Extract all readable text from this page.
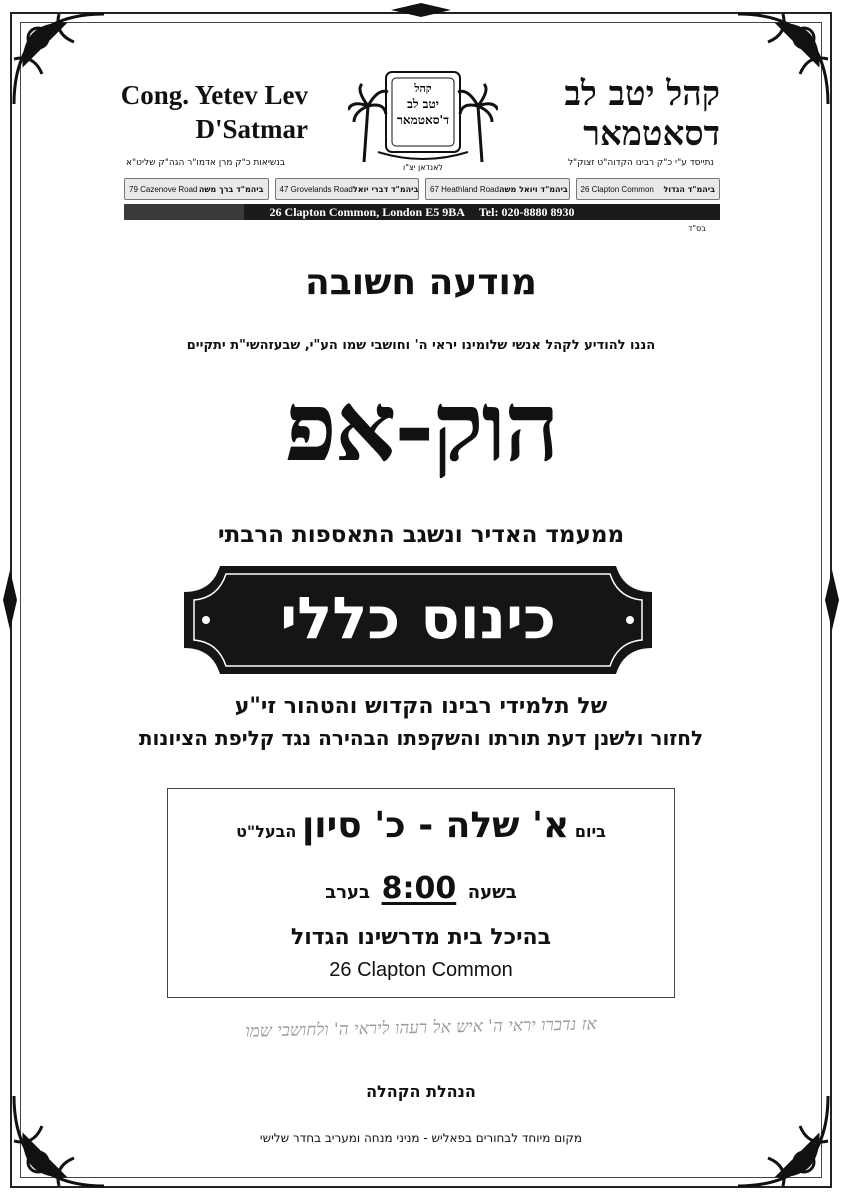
Cong. Yetev Lev
D'Satmar
קהל
יטב לב
ד'סאטמאר
לאנדאן יצ"ו
קהל יטב לב
דסאטמאר
בנשיאות כ"ק מרן אדמו"ר הגה"ק שליט"א	נתייסד ע"י כ"ק רבינו הקדוה"ט זצוק"ל
26 Clapton Common ביהמ"ד הגדול
67 Heathland Road ביהמ"ד ויואל משה
47 Grovelands Road ביהמ"ד דברי יואל
79 Cazenove Road ביהמ"ד ברך משה
26 Clapton Common, London E5 9BA Tel: 020-8880 8930
בס"ד
מודעה חשובה
הננו להודיע לקהל אנשי שלומינו יראי ה' וחושבי שמו הע"י, שבעזהשי"ת יתקיים
הוק-אפ
ממעמד האדיר ונשגב התאספות הרבתי
כינוס כללי
של תלמידי רבינו הקדוש והטהור זי"ע
לחזור ולשנן דעת תורתו והשקפתו הבהירה נגד קליפת הציונות
ביום א' שלה - כ' סיון הבעל"ט
בשעה 8:00 בערב
בהיכל בית מדרשינו הגדול
26 Clapton Common
אז נדברו יראי ה' איש אל רעהו ליראי ה' ולחושבי שמו
הנהלת הקהלה
מקום מיוחד לבחורים בפאליש - מניני מנחה ומעריב בחדר שלישי
